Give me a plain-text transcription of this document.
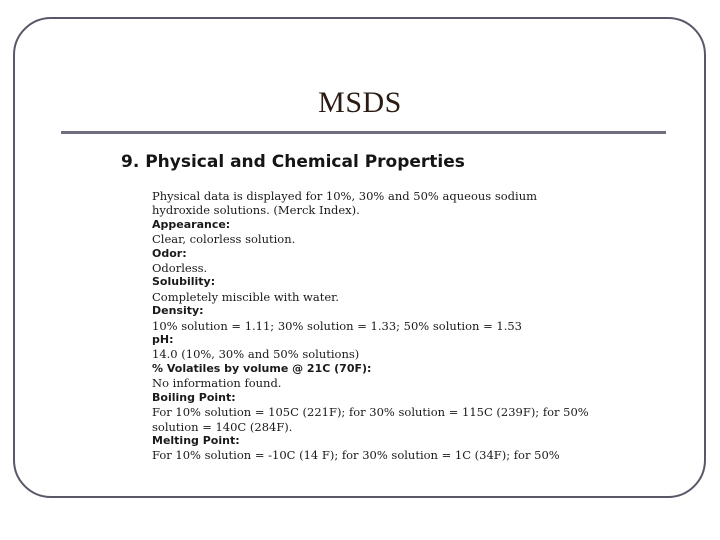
MSDS
9. Physical and Chemical Properties
Physical data is displayed for 10%, 30% and 50% aqueous sodium
hydroxide solutions. (Merck Index).
Appearance:
Clear, colorless solution.
Odor:
Odorless.
Solubility:
Completely miscible with water.
Density:
10% solution = 1.11; 30% solution = 1.33; 50% solution = 1.53
pH:
14.0 (10%, 30% and 50% solutions)
% Volatiles by volume @ 21C (70F):
No information found.
Boiling Point:
For 10% solution = 105C (221F); for 30% solution = 115C (239F); for 50%
solution = 140C (284F).
Melting Point:
For 10% solution = -10C (14 F); for 30% solution = 1C (34F); for 50%
